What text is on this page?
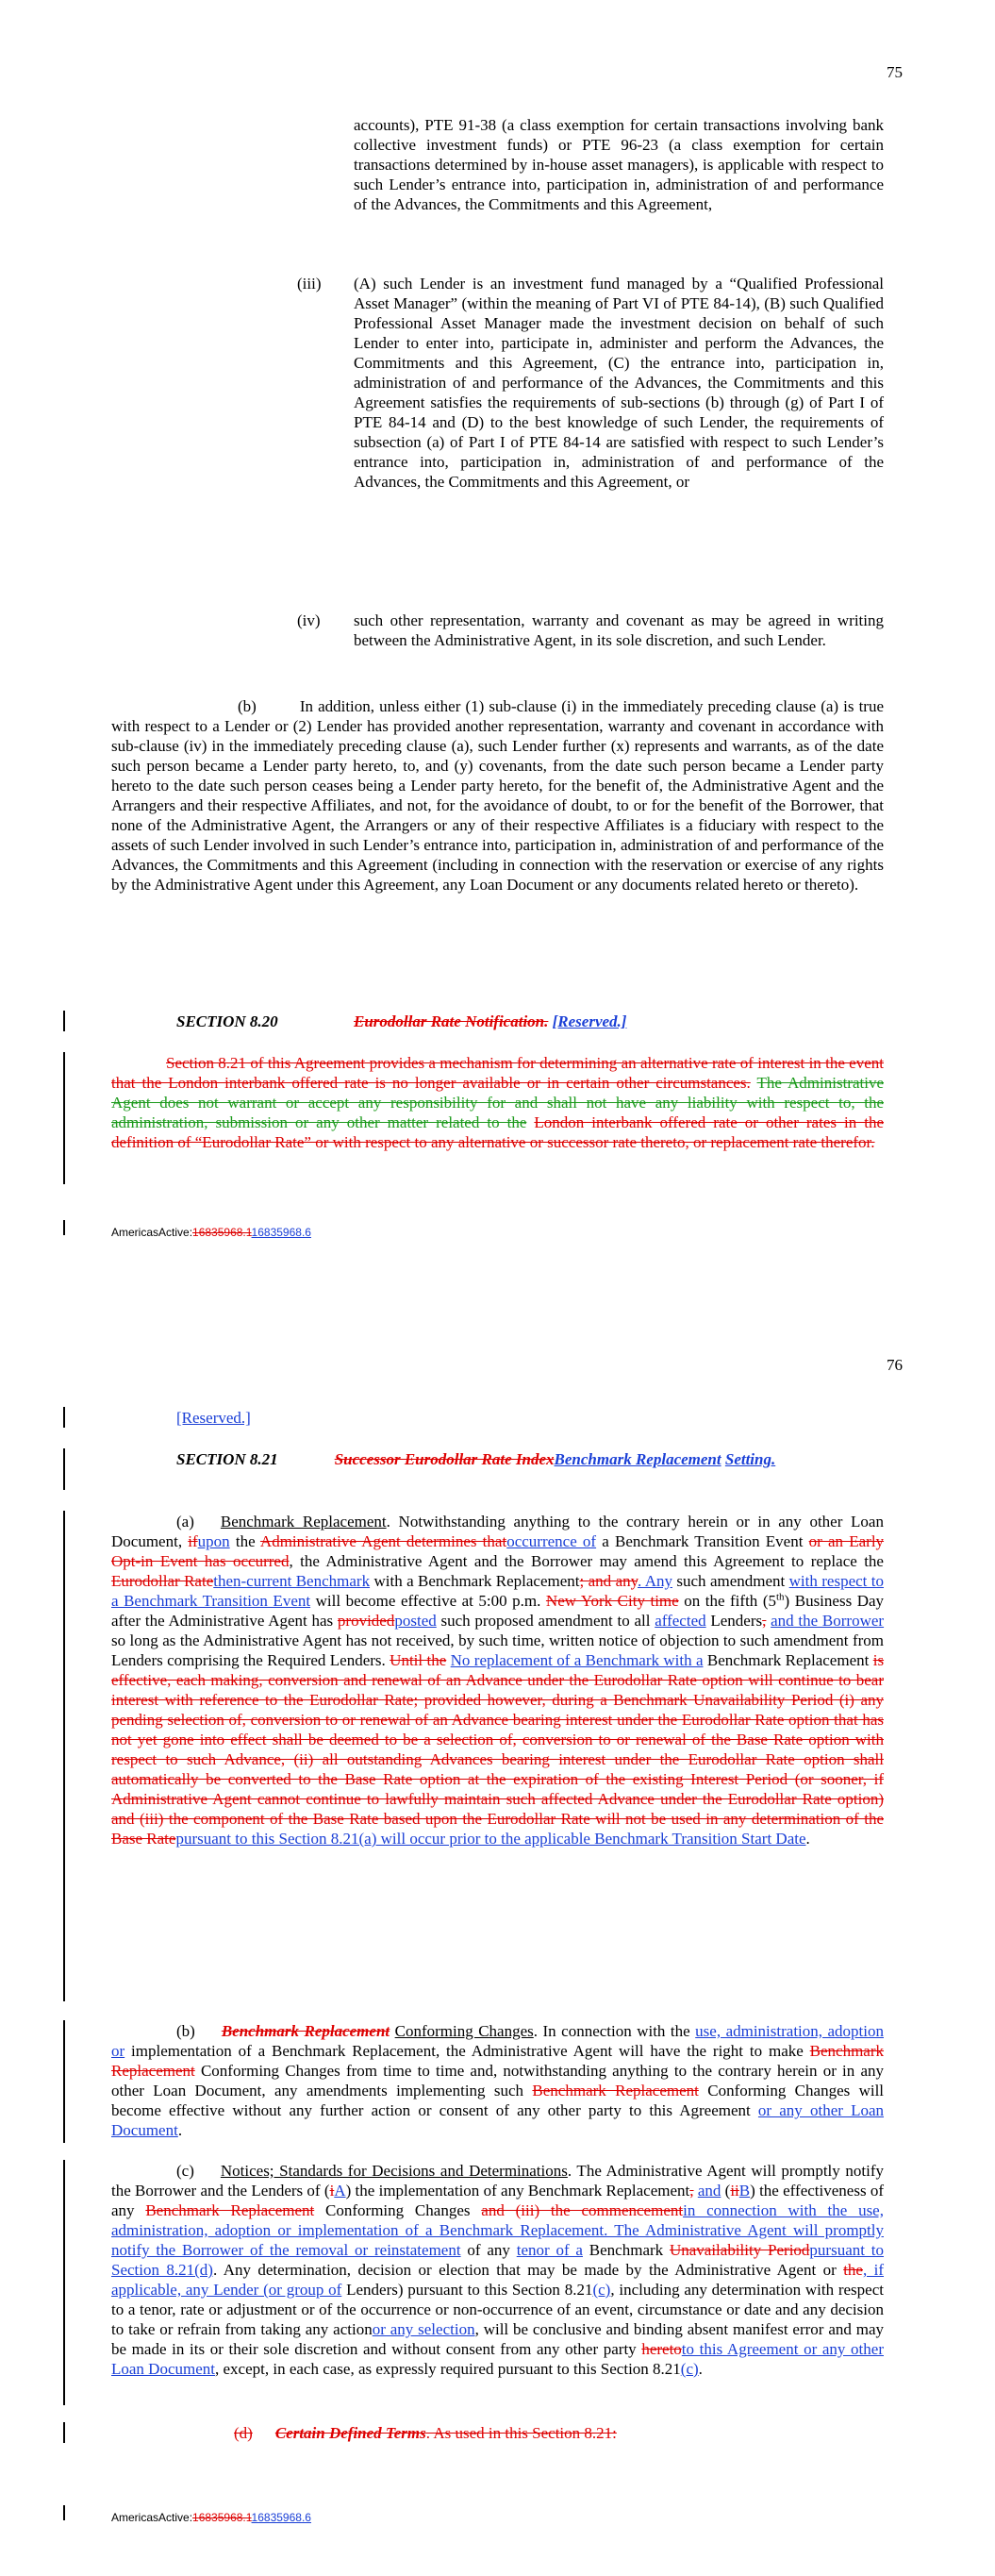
75
accounts), PTE 91-38 (a class exemption for certain transactions involving bank collective investment funds) or PTE 96-23 (a class exemption for certain transactions determined by in-house asset managers), is applicable with respect to such Lender’s entrance into, participation in, administration of and performance of the Advances, the Commitments and this Agreement,
(iii) (A) such Lender is an investment fund managed by a “Qualified Professional Asset Manager” (within the meaning of Part VI of PTE 84-14), (B) such Qualified Professional Asset Manager made the investment decision on behalf of such Lender to enter into, participate in, administer and perform the Advances, the Commitments and this Agreement, (C) the entrance into, participation in, administration of and performance of the Advances, the Commitments and this Agreement satisfies the requirements of sub-sections (b) through (g) of Part I of PTE 84-14 and (D) to the best knowledge of such Lender, the requirements of subsection (a) of Part I of PTE 84-14 are satisfied with respect to such Lender’s entrance into, participation in, administration of and performance of the Advances, the Commitments and this Agreement, or
(iv) such other representation, warranty and covenant as may be agreed in writing between the Administrative Agent, in its sole discretion, and such Lender.
(b)	In addition, unless either (1) sub-clause (i) in the immediately preceding clause (a) is true with respect to a Lender or (2) Lender has provided another representation, warranty and covenant in accordance with sub-clause (iv) in the immediately preceding clause (a), such Lender further (x) represents and warrants, as of the date such person became a Lender party hereto, to, and (y) covenants, from the date such person became a Lender party hereto to the date such person ceases being a Lender party hereto, for the benefit of, the Administrative Agent and the Arrangers and their respective Affiliates, and not, for the avoidance of doubt, to or for the benefit of the Borrower, that none of the Administrative Agent, the Arrangers or any of their respective Affiliates is a fiduciary with respect to the assets of such Lender involved in such Lender’s entrance into, participation in, administration of and performance of the Advances, the Commitments and this Agreement (including in connection with the reservation or exercise of any rights by the Administrative Agent under this Agreement, any Loan Document or any documents related hereto or thereto).
SECTION 8.20	Eurodollar Rate Notification. [Reserved.]
Section 8.21 of this Agreement provides a mechanism for determining an alternative rate of interest in the event that the London interbank offered rate is no longer available or in certain other circumstances. The Administrative Agent does not warrant or accept any responsibility for and shall not have any liability with respect to, the administration, submission or any other matter related to the London interbank offered rate or other rates in the definition of “Eurodollar Rate” or with respect to any alternative or successor rate thereto, or replacement rate therefor.
AmericasActive:16835968.116835968.6
76
[Reserved.]
SECTION 8.21	Successor Eurodollar Rate IndexBenchmark Replacement Setting.
(a) Benchmark Replacement. Notwithstanding anything to the contrary herein or in any other Loan Document, ifupon the Administrative Agent determines thatoccurrence of a Benchmark Transition Event or an Early Opt-in Event has occurred, the Administrative Agent and the Borrower may amend this Agreement to replace the Eurodollar Ratethen-current Benchmark with a Benchmark Replacement; and any. Any such amendment with respect to a Benchmark Transition Event will become effective at 5:00 p.m. New York City time on the fifth (5th) Business Day after the Administrative Agent has providedposted such proposed amendment to all affected Lenders, and the Borrower so long as the Administrative Agent has not received, by such time, written notice of objection to such amendment from Lenders comprising the Required Lenders. Until the No replacement of a Benchmark with a Benchmark Replacement is effective, each making, conversion and renewal of an Advance under the Eurodollar Rate option will continue to bear interest with reference to the Eurodollar Rate; provided however, during a Benchmark Unavailability Period (i) any pending selection of, conversion to or renewal of an Advance bearing interest under the Eurodollar Rate option that has not yet gone into effect shall be deemed to be a selection of, conversion to or renewal of the Base Rate option with respect to such Advance, (ii) all outstanding Advances bearing interest under the Eurodollar Rate option shall automatically be converted to the Base Rate option at the expiration of the existing Interest Period (or sooner, if Administrative Agent cannot continue to lawfully maintain such affected Advance under the Eurodollar Rate option) and (iii) the component of the Base Rate based upon the Eurodollar Rate will not be used in any determination of the Base Ratepursuant to this Section 8.21(a) will occur prior to the applicable Benchmark Transition Start Date.
(b) Benchmark Replacement Conforming Changes. In connection with the use, administration, adoption or implementation of a Benchmark Replacement, the Administrative Agent will have the right to make Benchmark Replacement Conforming Changes from time to time and, notwithstanding anything to the contrary herein or in any other Loan Document, any amendments implementing such Benchmark Replacement Conforming Changes will become effective without any further action or consent of any other party to this Agreement or any other Loan Document.
(c) Notices; Standards for Decisions and Determinations. The Administrative Agent will promptly notify the Borrower and the Lenders of (iA) the implementation of any Benchmark Replacement, and (iiB) the effectiveness of any Benchmark Replacement Conforming Changes and (iii) the commencementin connection with the use, administration, adoption or implementation of a Benchmark Replacement. The Administrative Agent will promptly notify the Borrower of the removal or reinstatement of any tenor of a Benchmark Unavailability Periodpursuant to Section 8.21(d). Any determination, decision or election that may be made by the Administrative Agent or the, if applicable, any Lender (or group of Lenders) pursuant to this Section 8.21(c), including any determination with respect to a tenor, rate or adjustment or of the occurrence or non-occurrence of an event, circumstance or date and any decision to take or refrain from taking any actionor any selection, will be conclusive and binding absent manifest error and may be made in its or their sole discretion and without consent from any other party heretoto this Agreement or any other Loan Document, except, in each case, as expressly required pursuant to this Section 8.21(c).
(d) Certain Defined Terms. As used in this Section 8.21:
AmericasActive:16835968.116835968.6
